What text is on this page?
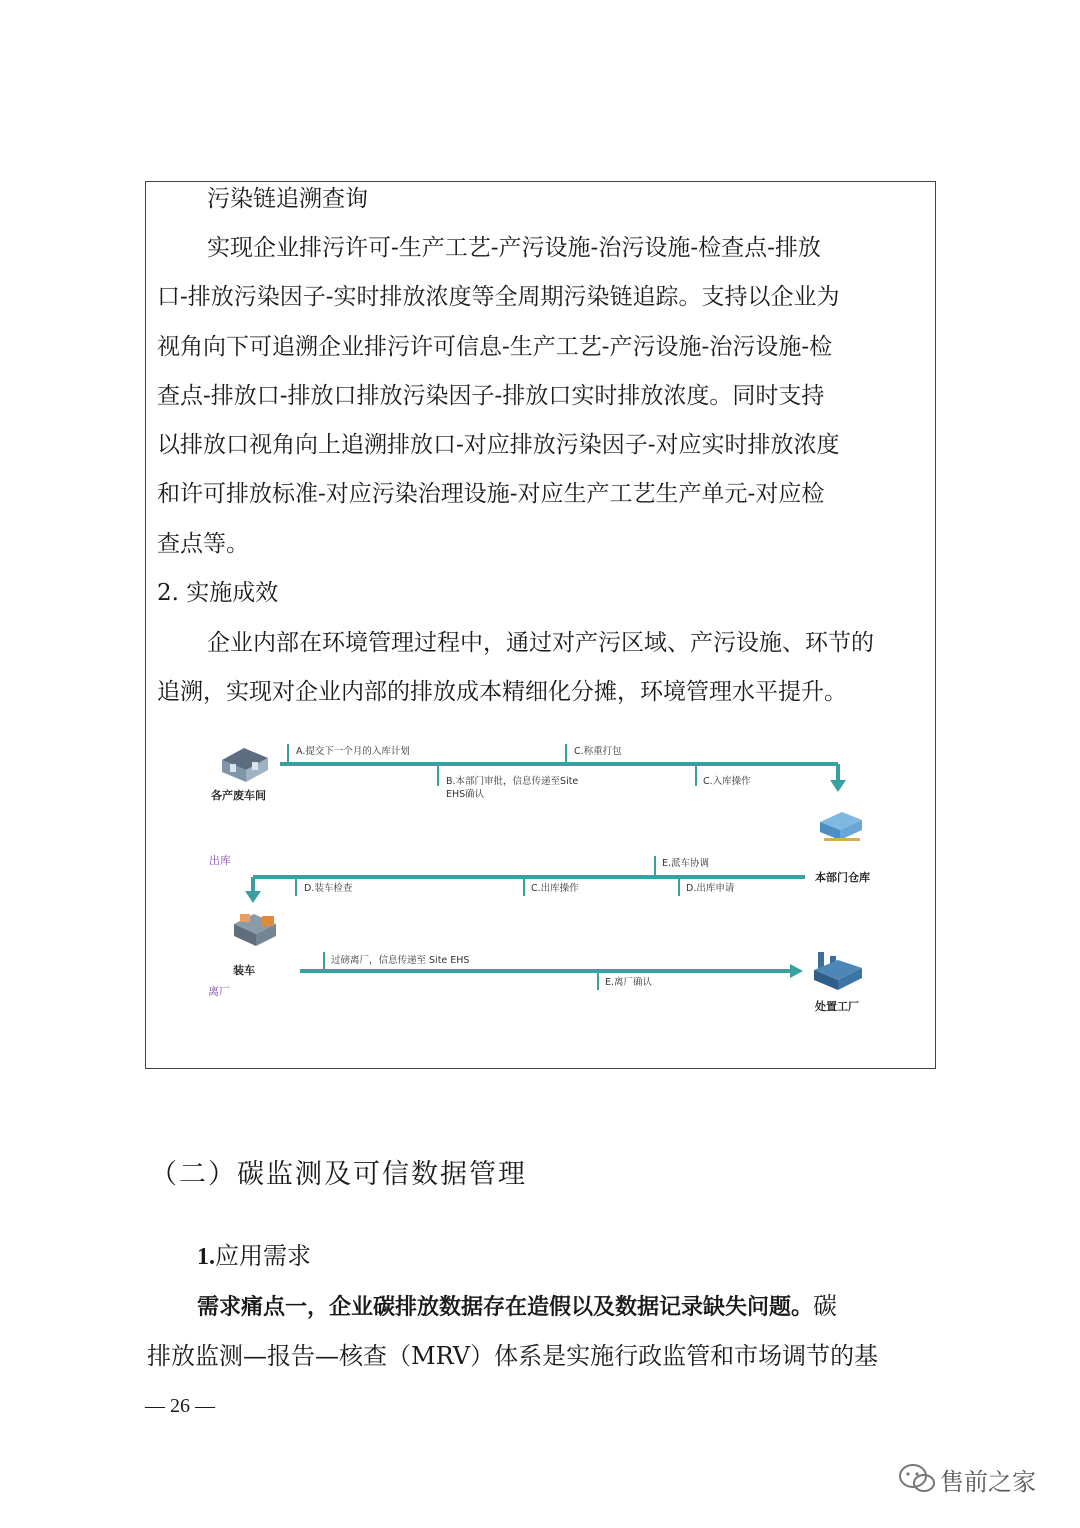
污染链追溯查询
实现企业排污许可-生产工艺-产污设施-治污设施-检查点-排放
口-排放污染因子-实时排放浓度等全周期污染链追踪。支持以企业为
视角向下可追溯企业排污许可信息-生产工艺-产污设施-治污设施-检
查点-排放口-排放口排放污染因子-排放口实时排放浓度。同时支持
以排放口视角向上追溯排放口-对应排放污染因子-对应实时排放浓度
和许可排放标准-对应污染治理设施-对应生产工艺生产单元-对应检
查点等。
2. 实施成效
企业内部在环境管理过程中，通过对产污区域、产污设施、环节的
追溯，实现对企业内部的排放成本精细化分摊，环境管理水平提升。
各产废车间
本部门仓库
装车
处置工厂
出库
离厂
A.提交下一个月的入库计划	C.称重打包
B.本部门审批，信息传递至Site
EHS确认
C.入库操作
E.派车协调
D.装车检查	C.出库操作	D.出库申请
过磅离厂，信息传递至 Site EHS
E.离厂确认
（二）碳监测及可信数据管理
1.应用需求
需求痛点一，企业碳排放数据存在造假以及数据记录缺失问题。碳
排放监测—报告—核查（MRV）体系是实施行政监管和市场调节的基
— 26 —
售前之家
